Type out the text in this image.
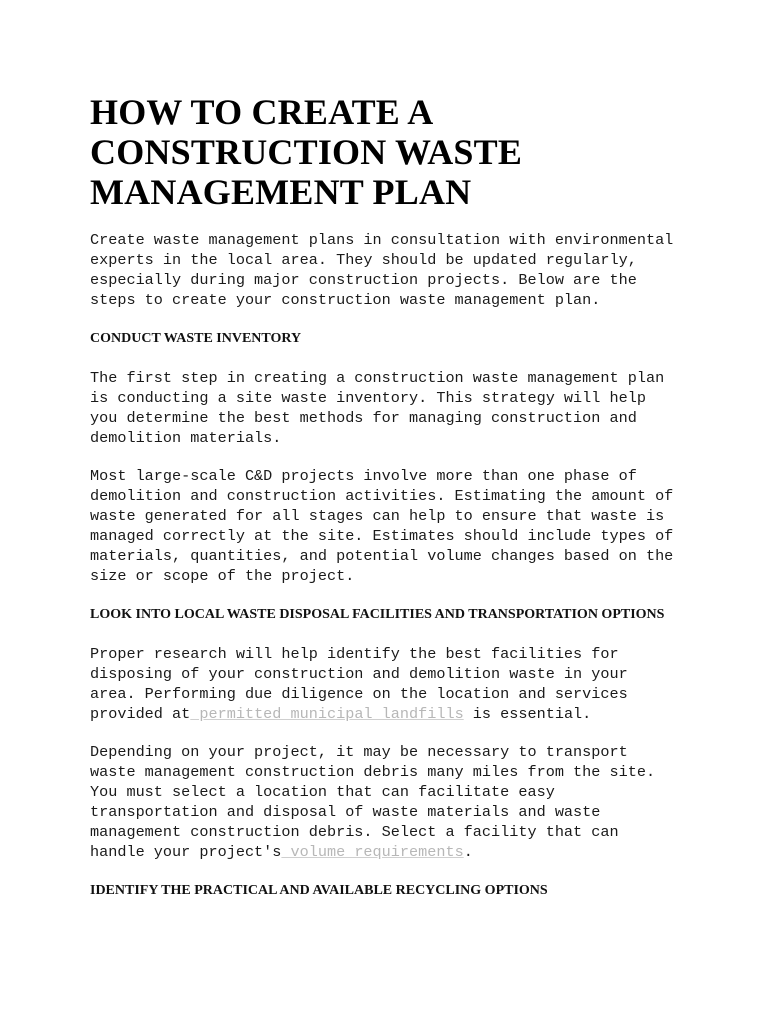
HOW TO CREATE A CONSTRUCTION WASTE MANAGEMENT PLAN

Create waste management plans in consultation with environmental experts in the local area. They should be updated regularly, especially during major construction projects. Below are the steps to create your construction waste management plan.

CONDUCT WASTE INVENTORY

The first step in creating a construction waste management plan is conducting a site waste inventory. This strategy will help you determine the best methods for managing construction and demolition materials.

Most large-scale C&D projects involve more than one phase of demolition and construction activities. Estimating the amount of waste generated for all stages can help to ensure that waste is managed correctly at the site. Estimates should include types of materials, quantities, and potential volume changes based on the size or scope of the project.

LOOK INTO LOCAL WASTE DISPOSAL FACILITIES AND TRANSPORTATION OPTIONS

Proper research will help identify the best facilities for disposing of your construction and demolition waste in your area. Performing due diligence on the location and services provided at permitted municipal landfills is essential.

Depending on your project, it may be necessary to transport waste management construction debris many miles from the site. You must select a location that can facilitate easy transportation and disposal of waste materials and waste management construction debris. Select a facility that can handle your project's volume requirements.

IDENTIFY THE PRACTICAL AND AVAILABLE RECYCLING OPTIONS
